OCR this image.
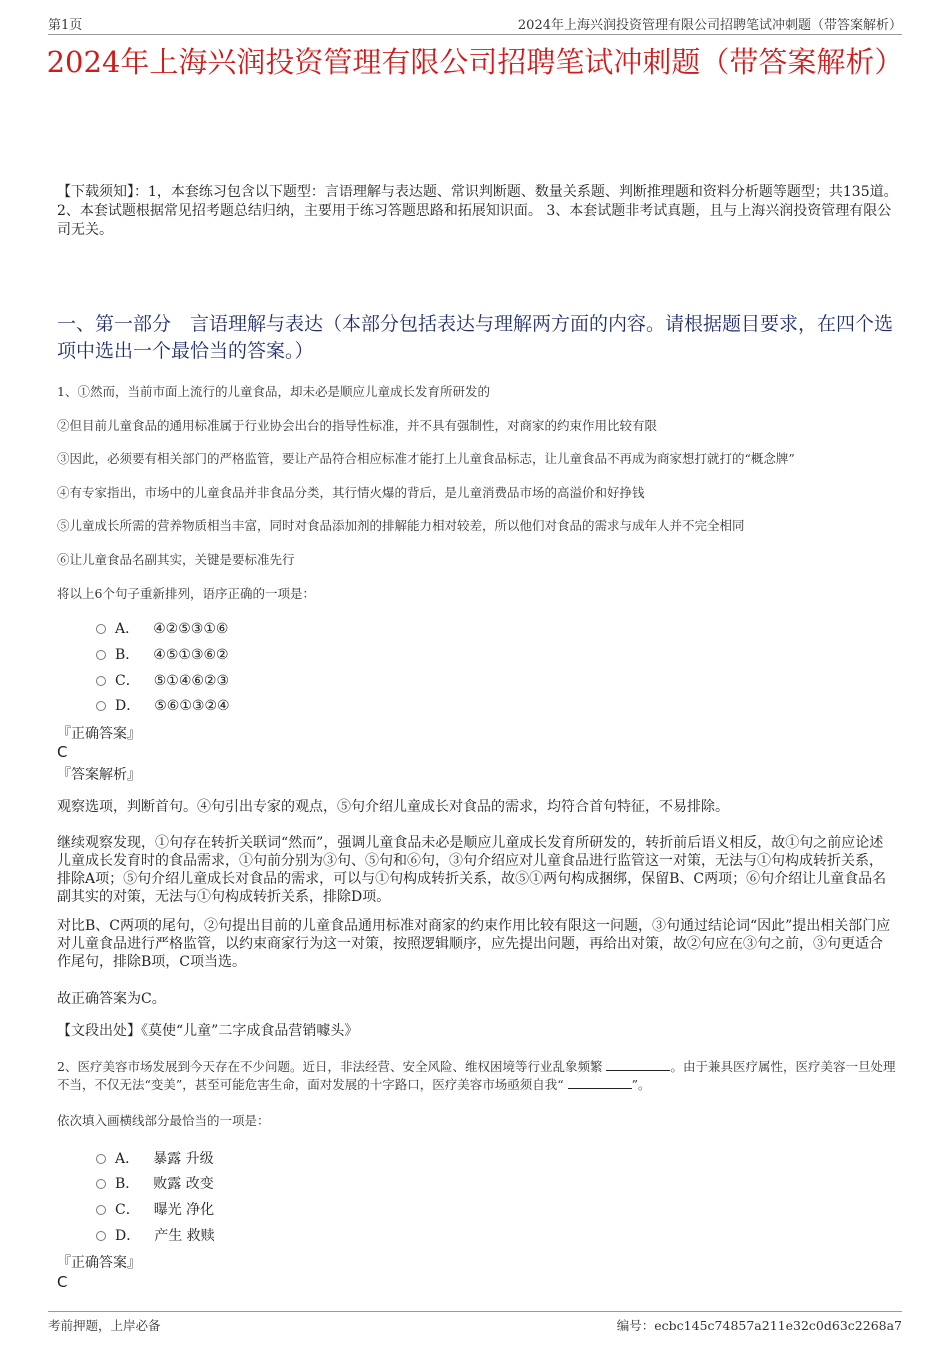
第1页	2024年上海兴润投资管理有限公司招聘笔试冲刺题（带答案解析）
2024年上海兴润投资管理有限公司招聘笔试冲刺题（带答案解析）
【下载须知】：1，本套练习包含以下题型：言语理解与表达题、常识判断题、数量关系题、判断推理题和资料分析题等题型；共135道。 2、本套试题根据常见招考题总结归纳，主要用于练习答题思路和拓展知识面。 3、本套试题非考试真题，且与上海兴润投资管理有限公司无关。
一、第一部分　言语理解与表达（本部分包括表达与理解两方面的内容。请根据题目要求，在四个选项中选出一个最恰当的答案。）
1、①然而，当前市面上流行的儿童食品，却未必是顺应儿童成长发育所研发的
②但目前儿童食品的通用标准属于行业协会出台的指导性标准，并不具有强制性，对商家的约束作用比较有限
③因此，必须要有相关部门的严格监管，要让产品符合相应标准才能打上儿童食品标志，让儿童食品不再成为商家想打就打的“概念牌”
④有专家指出，市场中的儿童食品并非食品分类，其行情火爆的背后，是儿童消费品市场的高溢价和好挣钱
⑤儿童成长所需的营养物质相当丰富，同时对食品添加剂的排解能力相对较差，所以他们对食品的需求与成年人并不完全相同
⑥让儿童食品名副其实，关键是要标准先行
将以上6个句子重新排列，语序正确的一项是：
A． ④②⑤③①⑥
B． ④⑤①③⑥②
C． ⑤①④⑥②③
D． ⑤⑥①③②④
『正确答案』
C
『答案解析』
观察选项，判断首句。④句引出专家的观点，⑤句介绍儿童成长对食品的需求，均符合首句特征，不易排除。
继续观察发现，①句存在转折关联词“然而”，强调儿童食品未必是顺应儿童成长发育所研发的，转折前后语义相反，故①句之前应论述儿童成长发育时的食品需求，①句前分别为③句、⑤句和⑥句，③句介绍应对儿童食品进行监管这一对策，无法与①句构成转折关系，排除A项；⑤句介绍儿童成长对食品的需求，可以与①句构成转折关系，故⑤①两句构成捆绑，保留B、C两项；⑥句介绍让儿童食品名副其实的对策，无法与①句构成转折关系，排除D项。
对比B、C两项的尾句，②句提出目前的儿童食品通用标准对商家的约束作用比较有限这一问题，③句通过结论词“因此”提出相关部门应对儿童食品进行严格监管，以约束商家行为这一对策，按照逻辑顺序，应先提出问题，再给出对策，故②句应在③句之前，③句更适合作尾句，排除B项，C项当选。
故正确答案为C。
【文段出处】《莫使“儿童”二字成食品营销噱头》
2、医疗美容市场发展到今天存在不少问题。近日，非法经营、安全风险、维权困境等行业乱象频繁	。由于兼具医疗属性，医疗美容一旦处理不当，不仅无法“变美”，甚至可能危害生命，面对发展的十字路口，医疗美容市场亟须自我“	”。
依次填入画横线部分最恰当的一项是：
A． 暴露 升级
B． 败露 改变
C． 曝光 净化
D． 产生 救赎
『正确答案』
C
考前押题，上岸必备	编号：ecbc145c74857a211e32c0d63c2268a7
